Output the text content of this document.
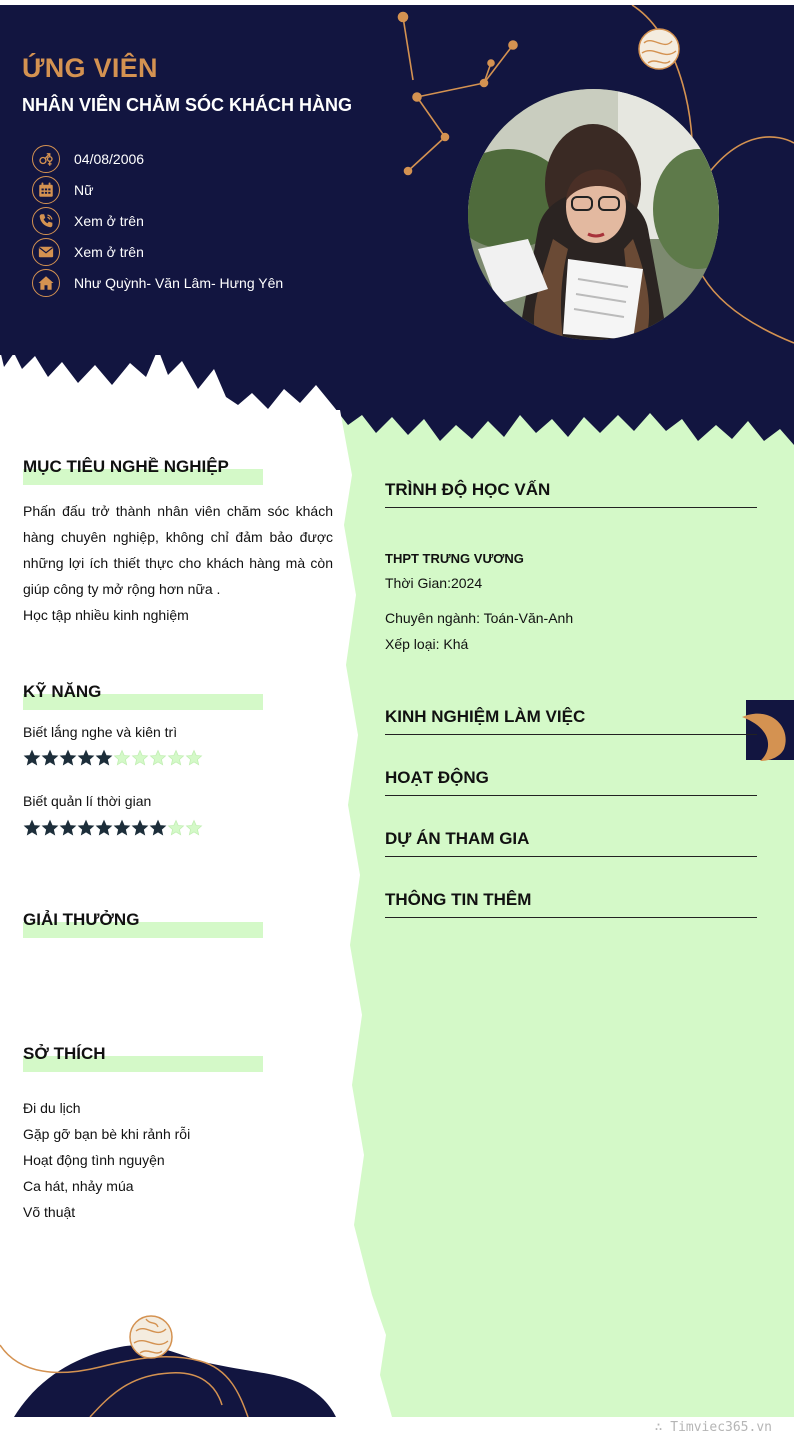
ỨNG VIÊN
NHÂN VIÊN CHĂM SÓC KHÁCH HÀNG
04/08/2006
Nữ
Xem ở trên
Xem ở trên
Như Quỳnh- Văn Lâm- Hưng Yên
MỤC TIÊU NGHỀ NGHIỆP
Phấn đấu trở thành nhân viên chăm sóc khách hàng chuyên nghiệp, không chỉ đảm bảo được những lợi ích thiết thực cho khách hàng mà còn giúp công ty mở rộng hơn nữa .
Học tập nhiều kinh nghiệm
KỸ NĂNG
Biết lắng nghe và kiên trì
Biết quản lí thời gian
GIẢI THƯỞNG
SỞ THÍCH
Đi du lịch
Gặp gỡ bạn bè khi rảnh rỗi
Hoạt động tình nguyện
Ca hát, nhảy múa
Võ thuật
TRÌNH ĐỘ HỌC VẤN
THPT TRƯNG VƯƠNG
Thời Gian:2024
Chuyên ngành: Toán-Văn-Anh
Xếp loại: Khá
KINH NGHIỆM LÀM VIỆC
HOẠT ĐỘNG
DỰ ÁN THAM GIA
THÔNG TIN THÊM
∴ Timviec365.vn
